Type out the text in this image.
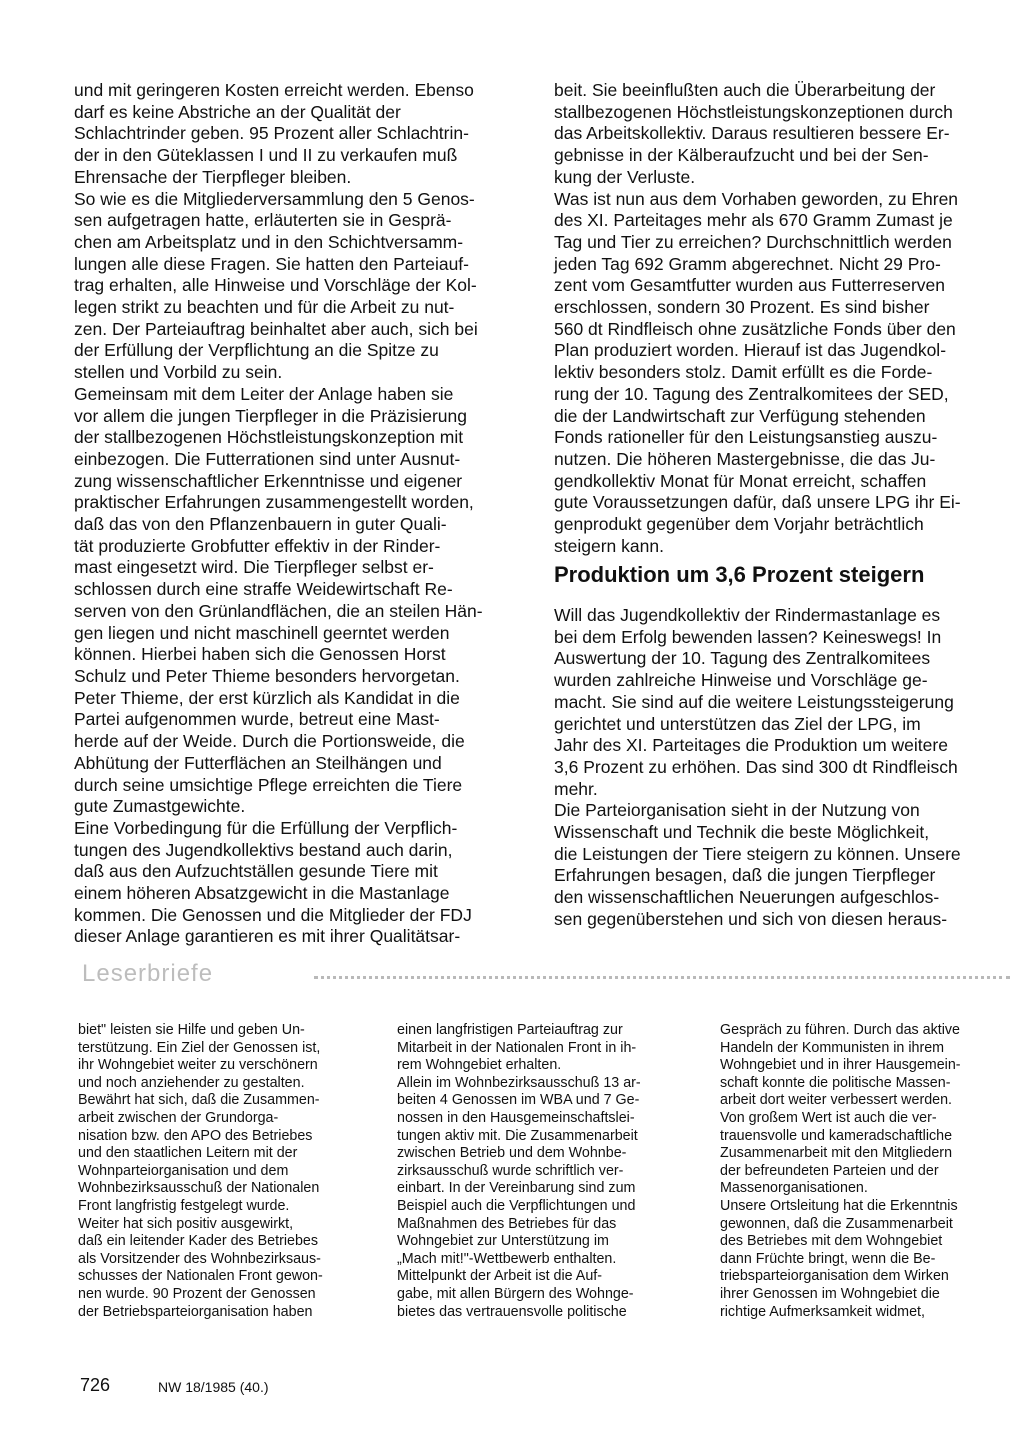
und mit geringeren Kosten erreicht werden. Ebenso
darf es keine Abstriche an der Qualität der
Schlachtrinder geben. 95 Prozent aller Schlachtrin-
der in den Güteklassen I und II zu verkaufen muß
Ehrensache der Tierpfleger bleiben.
So wie es die Mitgliederversammlung den 5 Genos-
sen aufgetragen hatte, erläuterten sie in Gesprä-
chen am Arbeitsplatz und in den Schichtversamm-
lungen alle diese Fragen. Sie hatten den Parteiauf-
trag erhalten, alle Hinweise und Vorschläge der Kol-
legen strikt zu beachten und für die Arbeit zu nut-
zen. Der Parteiauftrag beinhaltet aber auch, sich bei
der Erfüllung der Verpflichtung an die Spitze zu
stellen und Vorbild zu sein.
Gemeinsam mit dem Leiter der Anlage haben sie
vor allem die jungen Tierpfleger in die Präzisierung
der stallbezogenen Höchstleistungskonzeption mit
einbezogen. Die Futterrationen sind unter Ausnut-
zung wissenschaftlicher Erkenntnisse und eigener
praktischer Erfahrungen zusammengestellt worden,
daß das von den Pflanzenbauern in guter Quali-
tät produzierte Grobfutter effektiv in der Rinder-
mast eingesetzt wird. Die Tierpfleger selbst er-
schlossen durch eine straffe Weidewirtschaft Re-
serven von den Grünlandflächen, die an steilen Hän-
gen liegen und nicht maschinell geerntet werden
können. Hierbei haben sich die Genossen Horst
Schulz und Peter Thieme besonders hervorgetan.
Peter Thieme, der erst kürzlich als Kandidat in die
Partei aufgenommen wurde, betreut eine Mast-
herde auf der Weide. Durch die Portionsweide, die
Abhütung der Futterflächen an Steilhängen und
durch seine umsichtige Pflege erreichten die Tiere
gute Zumastgewichte.
Eine Vorbedingung für die Erfüllung der Verpflich-
tungen des Jugendkollektivs bestand auch darin,
daß aus den Aufzuchtställen gesunde Tiere mit
einem höheren Absatzgewicht in die Mastanlage
kommen. Die Genossen und die Mitglieder der FDJ
dieser Anlage garantieren es mit ihrer Qualitätsar-
beit. Sie beeinflußten auch die Überarbeitung der
stallbezogenen Höchstleistungskonzeptionen durch
das Arbeitskollektiv. Daraus resultieren bessere Er-
gebnisse in der Kälberaufzucht und bei der Sen-
kung der Verluste.
Was ist nun aus dem Vorhaben geworden, zu Ehren
des XI. Parteitages mehr als 670 Gramm Zumast je
Tag und Tier zu erreichen? Durchschnittlich werden
jeden Tag 692 Gramm abgerechnet. Nicht 29 Pro-
zent vom Gesamtfutter wurden aus Futterreserven
erschlossen, sondern 30 Prozent. Es sind bisher
560 dt Rindfleisch ohne zusätzliche Fonds über den
Plan produziert worden. Hierauf ist das Jugendkol-
lektiv besonders stolz. Damit erfüllt es die Forde-
rung der 10. Tagung des Zentralkomitees der SED,
die der Landwirtschaft zur Verfügung stehenden
Fonds rationeller für den Leistungsanstieg auszu-
nutzen. Die höheren Mastergebnisse, die das Ju-
gendkollektiv Monat für Monat erreicht, schaffen
gute Voraussetzungen dafür, daß unsere LPG ihr Ei-
genprodukt gegenüber dem Vorjahr beträchtlich
steigern kann.
Produktion um 3,6 Prozent steigern
Will das Jugendkollektiv der Rindermastanlage es
bei dem Erfolg bewenden lassen? Keineswegs! In
Auswertung der 10. Tagung des Zentralkomitees
wurden zahlreiche Hinweise und Vorschläge ge-
macht. Sie sind auf die weitere Leistungssteigerung
gerichtet und unterstützen das Ziel der LPG, im
Jahr des XI. Parteitages die Produktion um weitere
3,6 Prozent zu erhöhen. Das sind 300 dt Rindfleisch
mehr.
Die Parteiorganisation sieht in der Nutzung von
Wissenschaft und Technik die beste Möglichkeit,
die Leistungen der Tiere steigern zu können. Unsere
Erfahrungen besagen, daß die jungen Tierpfleger
den wissenschaftlichen Neuerungen aufgeschlos-
sen gegenüberstehen und sich von diesen heraus-
Leserbriefe
biet" leisten sie Hilfe und geben Un-
terstützung. Ein Ziel der Genossen ist,
ihr Wohngebiet weiter zu verschönern
und noch anziehender zu gestalten.
Bewährt hat sich, daß die Zusammen-
arbeit zwischen der Grundorga-
nisation bzw. den APO des Betriebes
und den staatlichen Leitern mit der
Wohnparteiorganisation und dem
Wohnbezirksausschuß der Nationalen
Front langfristig festgelegt wurde.
Weiter hat sich positiv ausgewirkt,
daß ein leitender Kader des Betriebes
als Vorsitzender des Wohnbezirksaus-
schusses der Nationalen Front gewon-
nen wurde. 90 Prozent der Genossen
der Betriebsparteiorganisation haben
einen langfristigen Parteiauftrag zur
Mitarbeit in der Nationalen Front in ih-
rem Wohngebiet erhalten.
Allein im Wohnbezirksausschuß 13 ar-
beiten 4 Genossen im WBA und 7 Ge-
nossen in den Hausgemeinschaftslei-
tungen aktiv mit. Die Zusammenarbeit
zwischen Betrieb und dem Wohnbe-
zirksausschuß wurde schriftlich ver-
einbart. In der Vereinbarung sind zum
Beispiel auch die Verpflichtungen und
Maßnahmen des Betriebes für das
Wohngebiet zur Unterstützung im
„Mach mit!"-Wettbewerb enthalten.
Mittelpunkt der Arbeit ist die Auf-
gabe, mit allen Bürgern des Wohnge-
bietes das vertrauensvolle politische
Gespräch zu führen. Durch das aktive
Handeln der Kommunisten in ihrem
Wohngebiet und in ihrer Hausgemein-
schaft konnte die politische Massen-
arbeit dort weiter verbessert werden.
Von großem Wert ist auch die ver-
trauensvolle und kameradschaftliche
Zusammenarbeit mit den Mitgliedern
der befreundeten Parteien und der
Massenorganisationen.
Unsere Ortsleitung hat die Erkenntnis
gewonnen, daß die Zusammenarbeit
des Betriebes mit dem Wohngebiet
dann Früchte bringt, wenn die Be-
triebsparteiorganisation dem Wirken
ihrer Genossen im Wohngebiet die
richtige Aufmerksamkeit widmet,
726	NW 18/1985 (40.)
